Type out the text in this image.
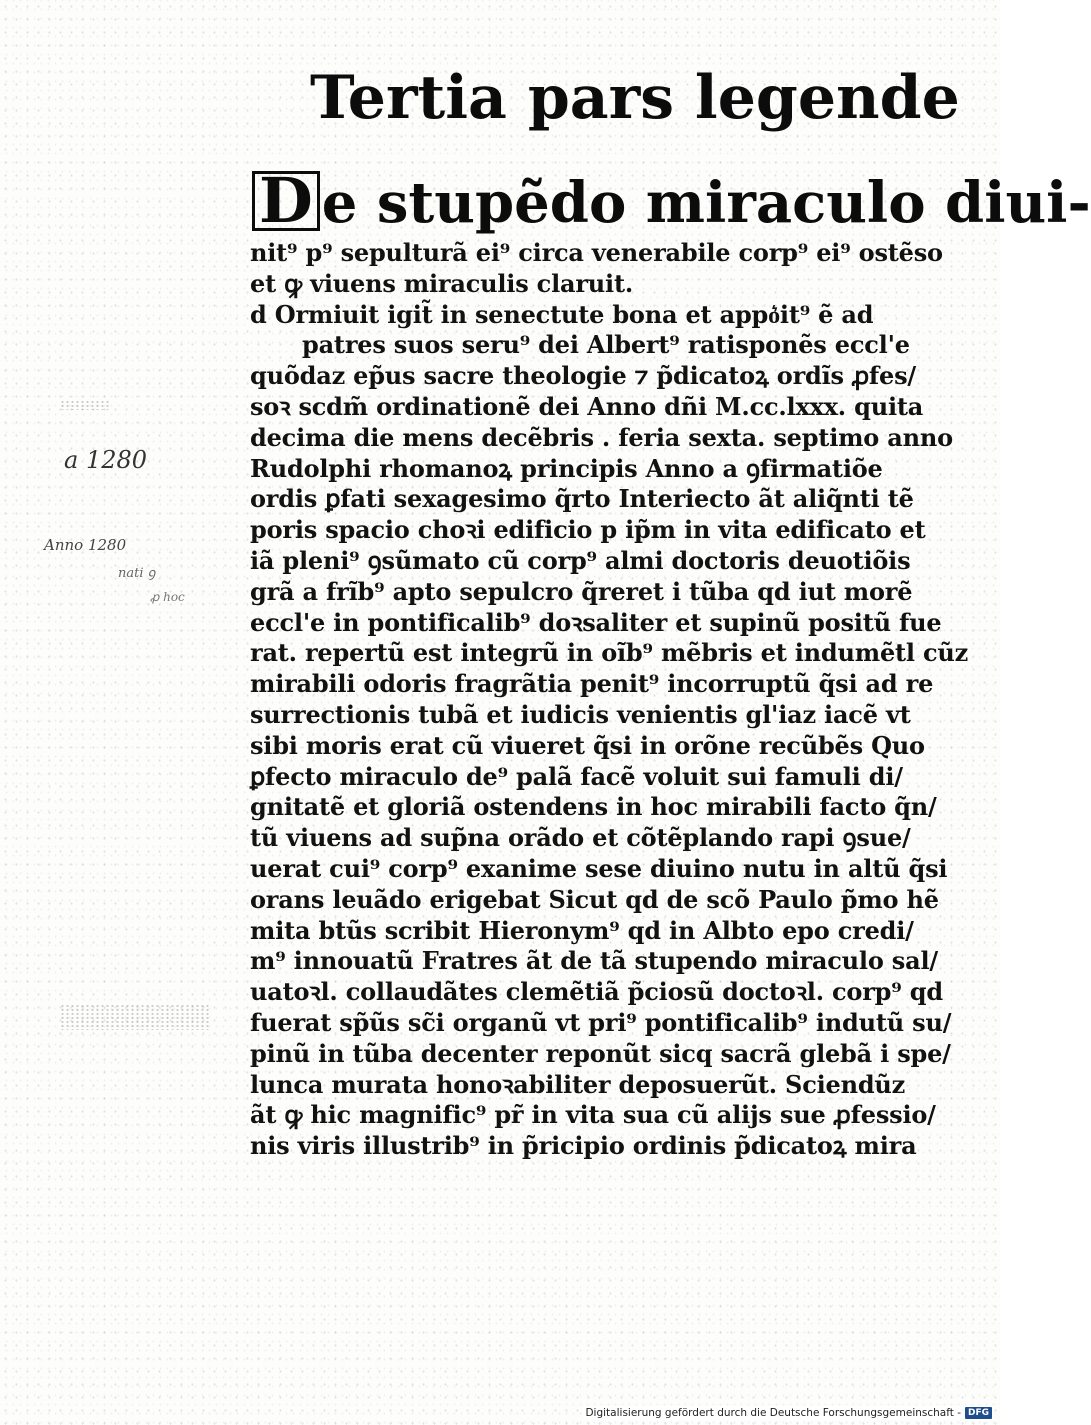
Tertia pars legende
D e stupẽdo miraculo diui-
nit⁹ p⁹ sepulturã ei⁹ circa venerabile corp⁹ ei⁹ ostẽso
et ꝙ viuens miraculis claruit.
d Ormiuit igit̃ in senectute bona et appo͛it⁹ ẽ ad
patres suos seru⁹ dei Albert⁹ ratisponẽs eccl'e
quõdaz ep̃us sacre theologie ⁊ p̃dicatoꝝ ordĩs ꝓfes/
soꝛ scdm̃ ordinationẽ dei Anno dñi M.cc.lxxx. quita
decima die mens decẽbris . feria sexta. septimo anno
Rudolphi rhomanoꝝ principis Anno a ꝯfirmatiõe
ordis ꝑfati sexagesimo q̃rto Interiecto ãt aliq̃nti tẽ
poris spacio choꝛi edificio p ip̃m in vita edificato et
iã pleni⁹ ꝯsũmato cũ corp⁹ almi doctoris deuotiõis
grã a frĩb⁹ apto sepulcro q̃reret i tũba qd iut morẽ
eccl'e in pontificalib⁹ doꝛsaliter et supinũ positũ fue
rat. repertũ est integrũ in oĩb⁹ mẽbris et indumẽtl cũz
mirabili odoris fragrãtia penit⁹ incorruptũ q̃si ad re
surrectionis tubã et iudicis venientis gl'iaz iacẽ vt
sibi moris erat cũ viueret q̃si in orõne recũbẽs Quo
ꝑfecto miraculo de⁹ palã facẽ voluit sui famuli di/
gnitatẽ et gloriã ostendens in hoc mirabili facto q̃n/
tũ viuens ad sup̃na orãdo et cõtẽplando rapi ꝯsue/
uerat cui⁹ corp⁹ exanime sese diuino nutu in altũ q̃si
orans leuãdo erigebat Sicut qd de scõ Paulo p̃mo hẽ
mita btũs scribit Hieronym⁹ qd in Albto epo credi/
m⁹ innouatũ Fratres ãt de tã stupendo miraculo sal/
uatoꝛl. collaudãtes clemẽtiã p̃ciosũ doctoꝛl. corp⁹ qd
fuerat sp̃ũs sc̃i organũ vt pri⁹ pontificalib⁹ indutũ su/
pinũ in tũba decenter reponũt sicq sacrã glebã i spe/
lunca murata honoꝛabiliter deposuerũt. Sciendũz
ãt ꝙ hic magnific⁹ pr̃ in vita sua cũ alijs sue ꝓfessio/
nis viris illustrib⁹ in p̃ricipio ordinis p̃dicatoꝝ mira
a 1280
Anno 1280
nati ꝯ
ꝓ hoc
Digitalisierung gefördert durch die Deutsche Forschungsgemeinschaft - DFG
